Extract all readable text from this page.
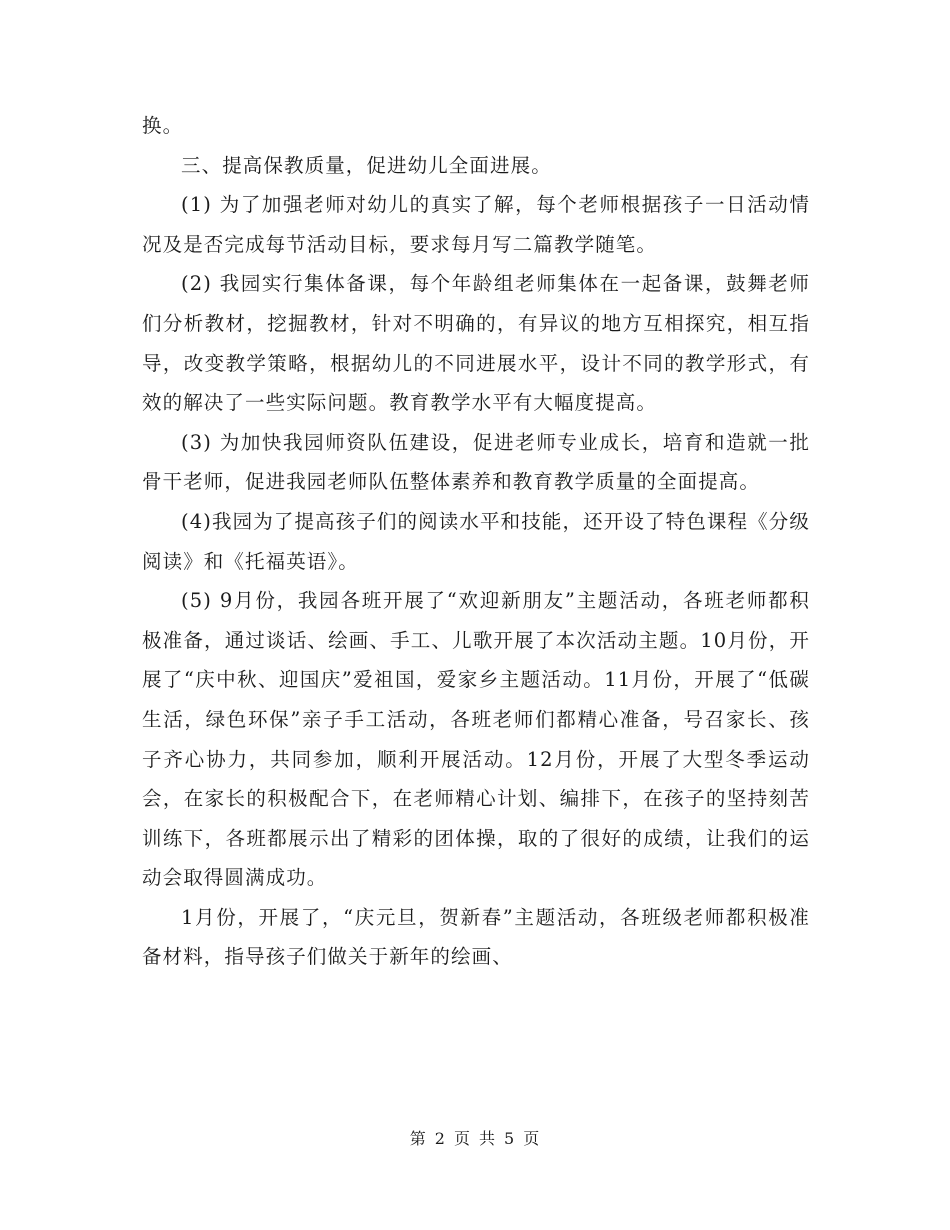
换。

三、提高保教质量，促进幼儿全面进展。

(1) 为了加强老师对幼儿的真实了解，每个老师根据孩子一日活动情况及是否完成每节活动目标，要求每月写二篇教学随笔。

(2) 我园实行集体备课，每个年龄组老师集体在一起备课，鼓舞老师们分析教材，挖掘教材，针对不明确的，有异议的地方互相探究，相互指导，改变教学策略，根据幼儿的不同进展水平，设计不同的教学形式，有效的解决了一些实际问题。教育教学水平有大幅度提高。

(3) 为加快我园师资队伍建设，促进老师专业成长，培育和造就一批骨干老师，促进我园老师队伍整体素养和教育教学质量的全面提高。

(4)我园为了提高孩子们的阅读水平和技能，还开设了特色课程《分级阅读》和《托福英语》。

(5) 9月份，我园各班开展了“欢迎新朋友”主题活动，各班老师都积极准备，通过谈话、绘画、手工、儿歌开展了本次活动主题。10月份，开展了“庆中秋、迎国庆”爱祖国，爱家乡主题活动。11月份，开展了“低碳生活，绿色环保”亲子手工活动，各班老师们都精心准备，号召家长、孩子齐心协力，共同参加，顺利开展活动。12月份，开展了大型冬季运动会，在家长的积极配合下，在老师精心计划、编排下，在孩子的坚持刻苦训练下，各班都展示出了精彩的团体操，取的了很好的成绩，让我们的运动会取得圆满成功。

1月份，开展了，“庆元旦，贺新春”主题活动，各班级老师都积极准备材料，指导孩子们做关于新年的绘画、

第 2 页 共 5 页
